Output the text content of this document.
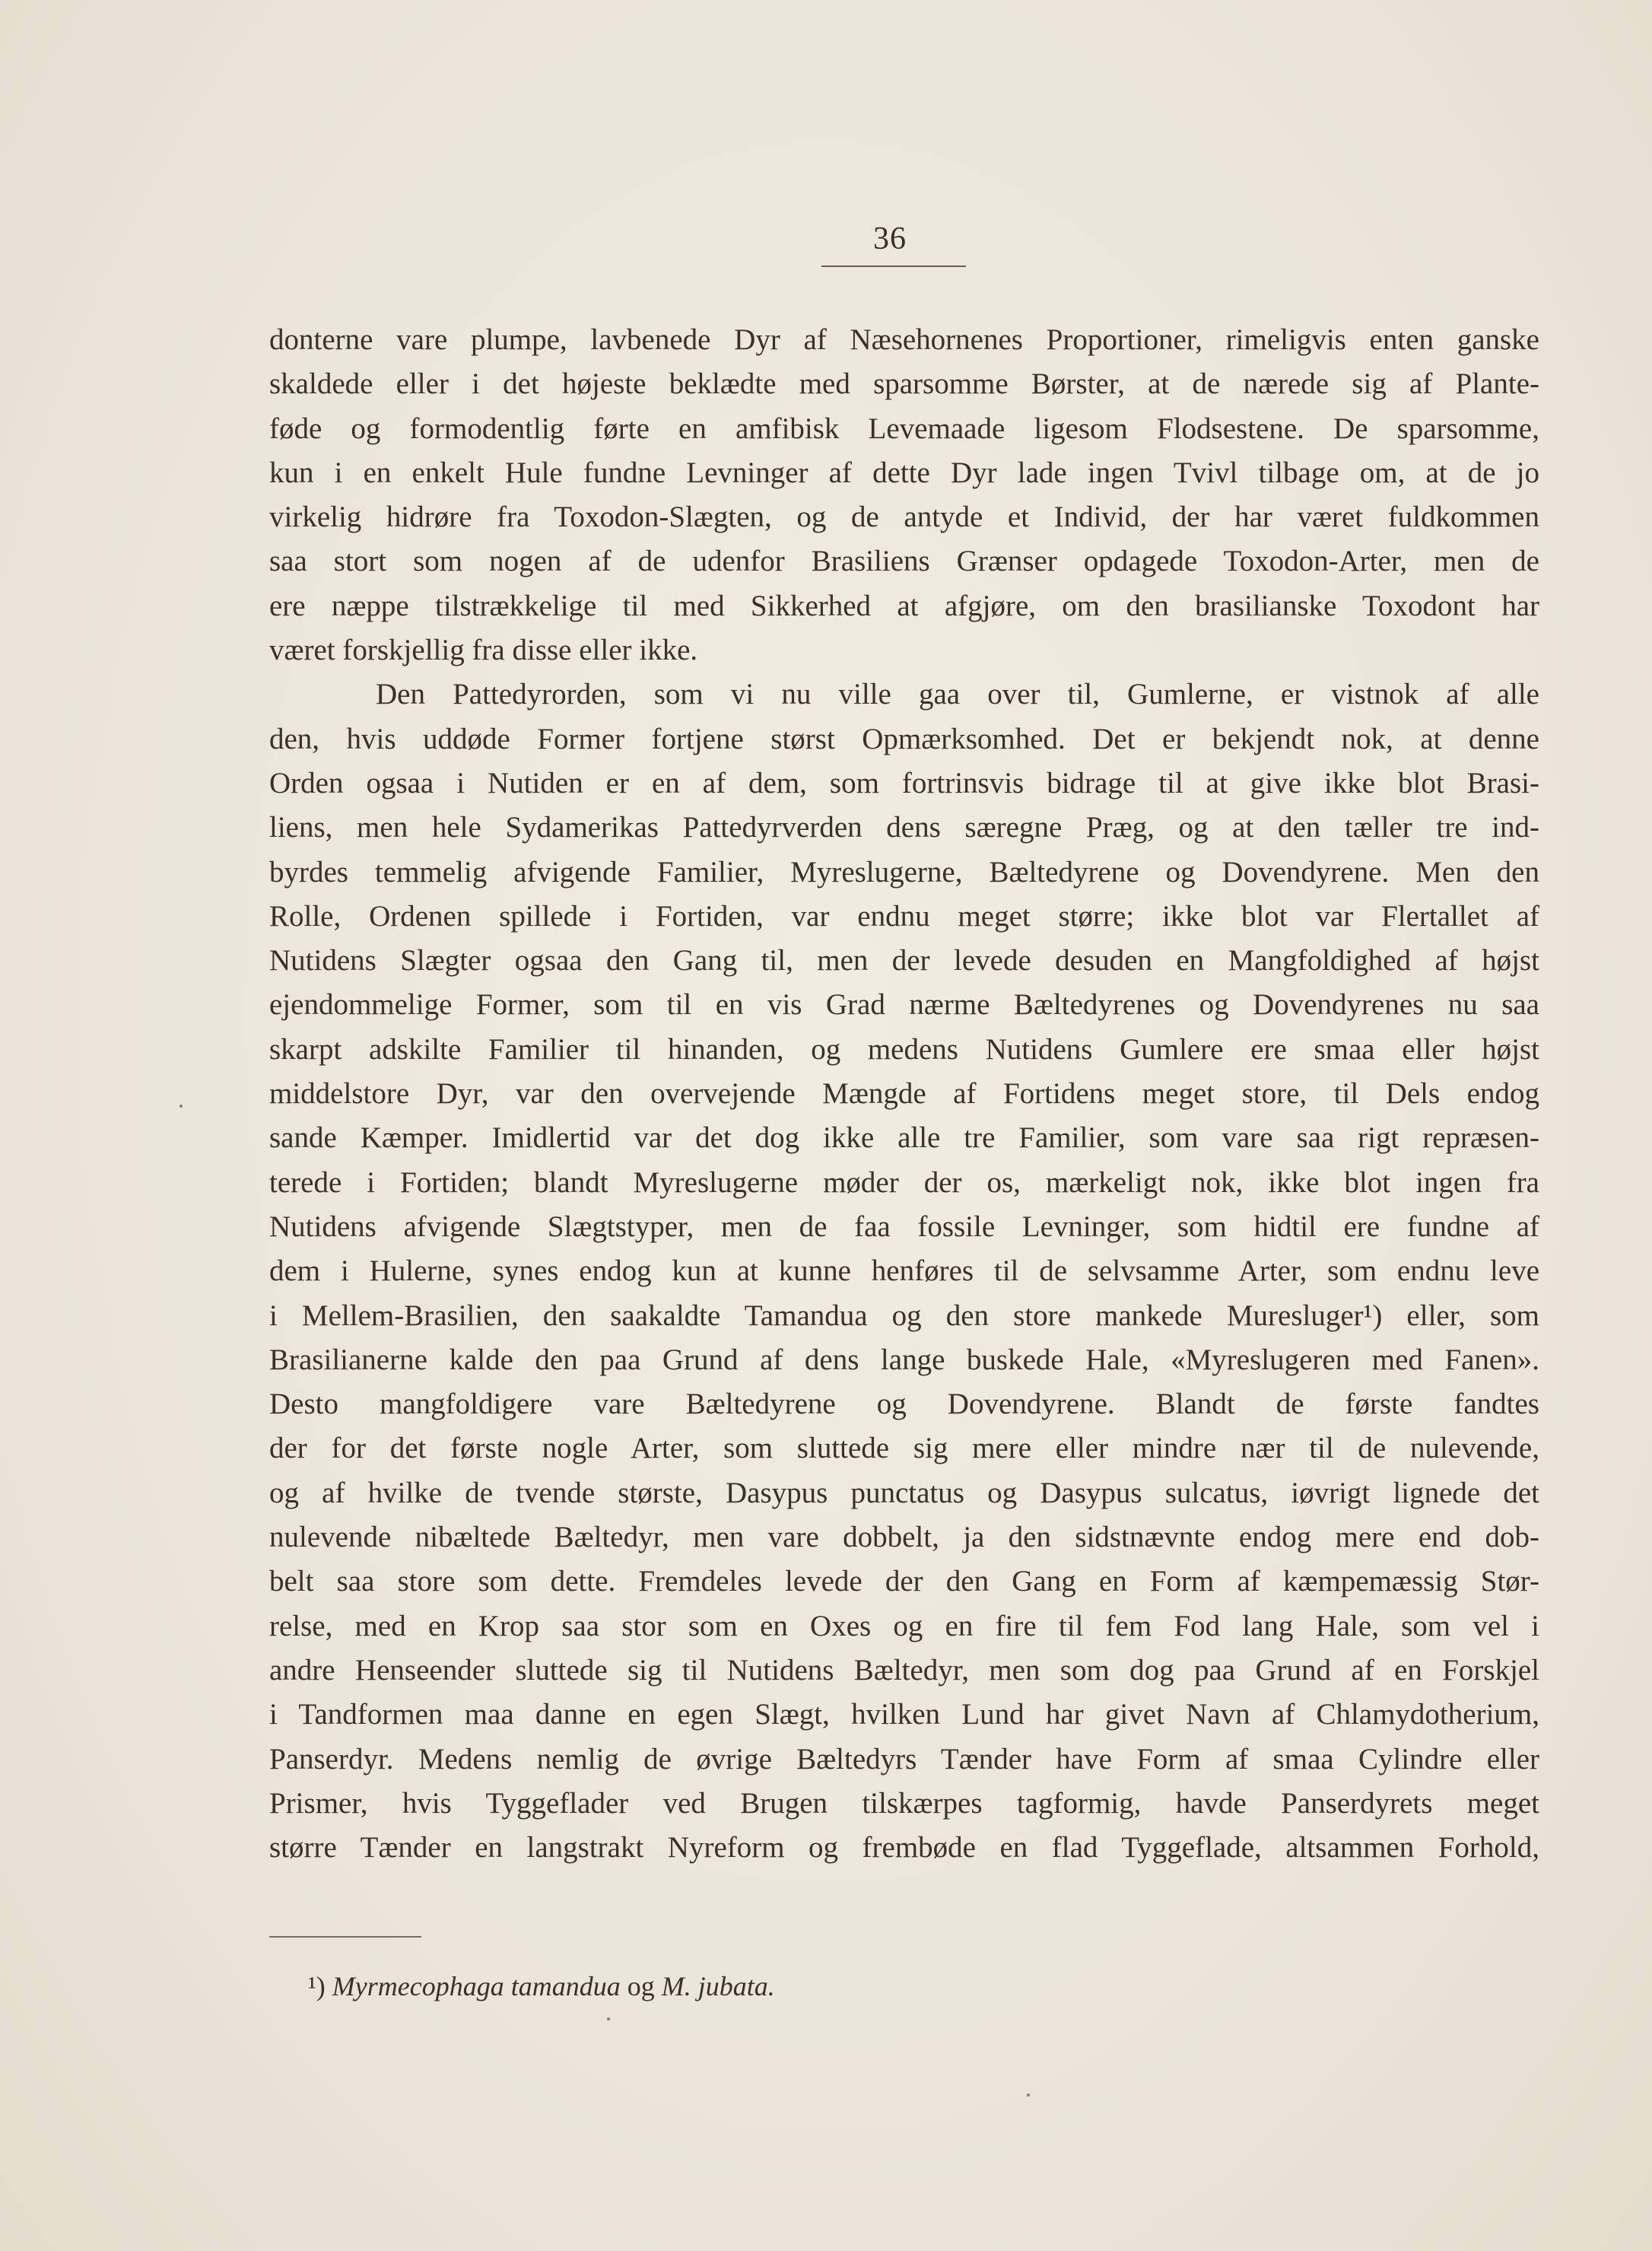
36
donterne vare plumpe, lavbenede Dyr af Næsehornenes Proportioner, rimeligvis enten ganske
skaldede eller i det højeste beklædte med sparsomme Børster, at de nærede sig af Plante-
føde og formodentlig førte en amfibisk Levemaade ligesom Flodsestene. De sparsomme,
kun i en enkelt Hule fundne Levninger af dette Dyr lade ingen Tvivl tilbage om, at de jo
virkelig hidrøre fra Toxodon-Slægten, og de antyde et Individ, der har været fuldkommen
saa stort som nogen af de udenfor Brasiliens Grænser opdagede Toxodon-Arter, men de
ere næppe tilstrækkelige til med Sikkerhed at afgjøre, om den brasilianske Toxodont har
været forskjellig fra disse eller ikke.
Den Pattedyrorden, som vi nu ville gaa over til, Gumlerne, er vistnok af alle
den, hvis uddøde Former fortjene størst Opmærksomhed. Det er bekjendt nok, at denne
Orden ogsaa i Nutiden er en af dem, som fortrinsvis bidrage til at give ikke blot Brasi-
liens, men hele Sydamerikas Pattedyrverden dens særegne Præg, og at den tæller tre ind-
byrdes temmelig afvigende Familier, Myreslugerne, Bæltedyrene og Dovendyrene. Men den
Rolle, Ordenen spillede i Fortiden, var endnu meget større; ikke blot var Flertallet af
Nutidens Slægter ogsaa den Gang til, men der levede desuden en Mangfoldighed af højst
ejendommelige Former, som til en vis Grad nærme Bæltedyrenes og Dovendyrenes nu saa
skarpt adskilte Familier til hinanden, og medens Nutidens Gumlere ere smaa eller højst
middelstore Dyr, var den overvejende Mængde af Fortidens meget store, til Dels endog
sande Kæmper. Imidlertid var det dog ikke alle tre Familier, som vare saa rigt repræsen-
terede i Fortiden; blandt Myreslugerne møder der os, mærkeligt nok, ikke blot ingen fra
Nutidens afvigende Slægtstyper, men de faa fossile Levninger, som hidtil ere fundne af
dem i Hulerne, synes endog kun at kunne henføres til de selvsamme Arter, som endnu leve
i Mellem-Brasilien, den saakaldte Tamandua og den store mankede Muresluger¹) eller, som
Brasilianerne kalde den paa Grund af dens lange buskede Hale, «Myreslugeren med Fanen».
Desto mangfoldigere vare Bæltedyrene og Dovendyrene. Blandt de første fandtes
der for det første nogle Arter, som sluttede sig mere eller mindre nær til de nulevende,
og af hvilke de tvende største, Dasypus punctatus og Dasypus sulcatus, iøvrigt lignede det
nulevende nibæltede Bæltedyr, men vare dobbelt, ja den sidstnævnte endog mere end dob-
belt saa store som dette. Fremdeles levede der den Gang en Form af kæmpemæssig Stør-
relse, med en Krop saa stor som en Oxes og en fire til fem Fod lang Hale, som vel i
andre Henseender sluttede sig til Nutidens Bæltedyr, men som dog paa Grund af en Forskjel
i Tandformen maa danne en egen Slægt, hvilken Lund har givet Navn af Chlamydotherium,
Panserdyr. Medens nemlig de øvrige Bæltedyrs Tænder have Form af smaa Cylindre eller
Prismer, hvis Tyggeflader ved Brugen tilskærpes tagformig, havde Panserdyrets meget
større Tænder en langstrakt Nyreform og frembøde en flad Tyggeflade, altsammen Forhold,
¹) Myrmecophaga tamandua og M. jubata.
